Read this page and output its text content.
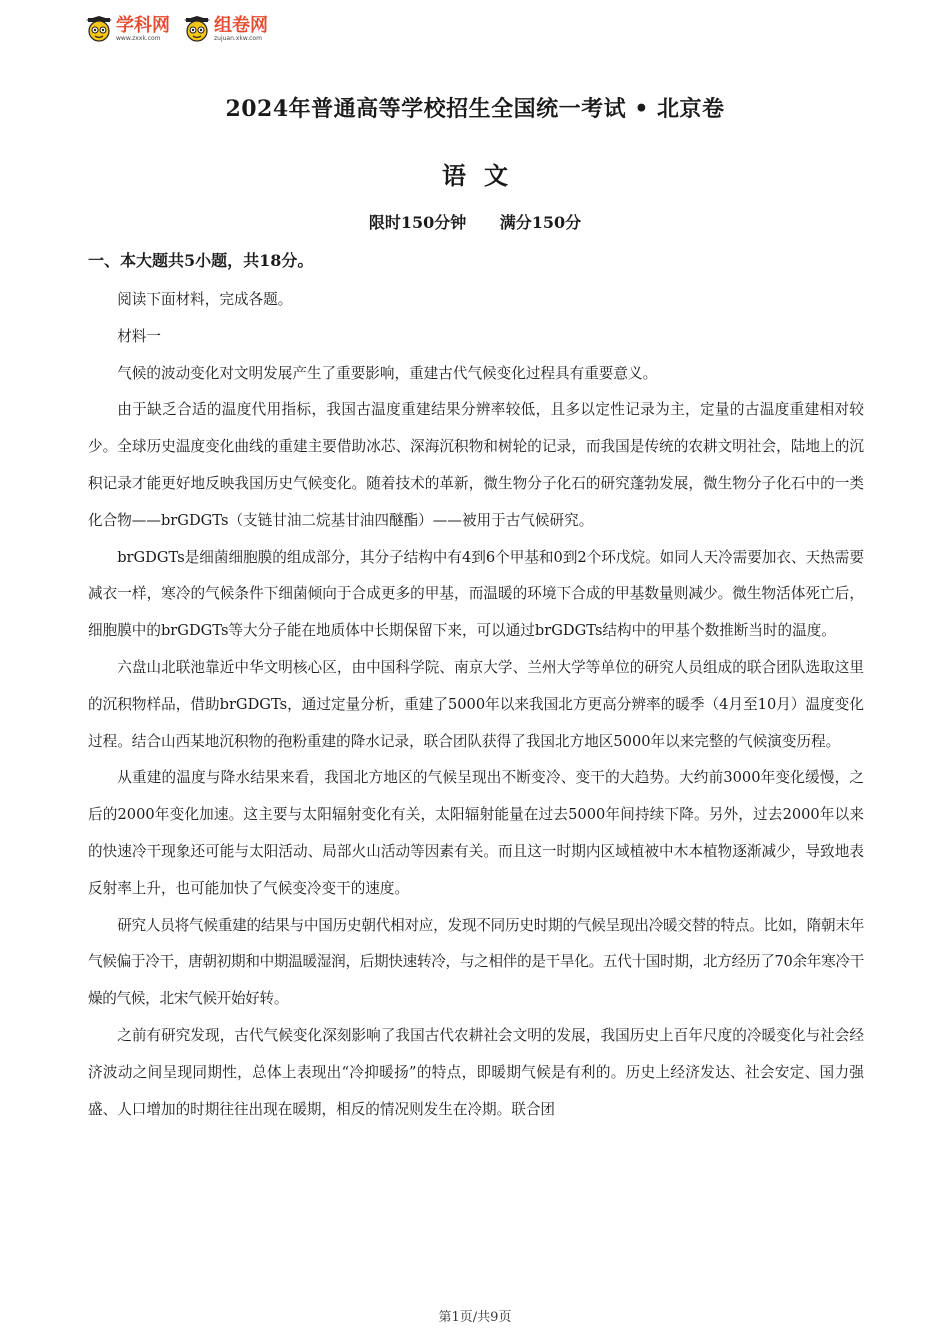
学科网
www.zxxk.com
组卷网
zujuan.xkw.com
2024年普通高等学校招生全国统一考试 • 北京卷
语文
限时150分钟      满分150分
一、本大题共5小题，共18分。

阅读下面材料，完成各题。

材料一

气候的波动变化对文明发展产生了重要影响，重建古代气候变化过程具有重要意义。

由于缺乏合适的温度代用指标，我国古温度重建结果分辨率较低，且多以定性记录为主，定量的古温度重建相对较少。全球历史温度变化曲线的重建主要借助冰芯、深海沉积物和树轮的记录，而我国是传统的农耕文明社会，陆地上的沉积记录才能更好地反映我国历史气候变化。随着技术的革新，微生物分子化石的研究蓬勃发展，微生物分子化石中的一类化合物——brGDGTs（支链甘油二烷基甘油四醚酯）——被用于古气候研究。

brGDGTs是细菌细胞膜的组成部分，其分子结构中有4到6个甲基和0到2个环戊烷。如同人天冷需要加衣、天热需要减衣一样，寒冷的气候条件下细菌倾向于合成更多的甲基，而温暖的环境下合成的甲基数量则减少。微生物活体死亡后，细胞膜中的brGDGTs等大分子能在地质体中长期保留下来，可以通过brGDGTs结构中的甲基个数推断当时的温度。

六盘山北联池靠近中华文明核心区，由中国科学院、南京大学、兰州大学等单位的研究人员组成的联合团队选取这里的沉积物样品，借助brGDGTs，通过定量分析，重建了5000年以来我国北方更高分辨率的暖季（4月至10月）温度变化过程。结合山西某地沉积物的孢粉重建的降水记录，联合团队获得了我国北方地区5000年以来完整的气候演变历程。

从重建的温度与降水结果来看，我国北方地区的气候呈现出不断变冷、变干的大趋势。大约前3000年变化缓慢，之后的2000年变化加速。这主要与太阳辐射变化有关，太阳辐射能量在过去5000年间持续下降。另外，过去2000年以来的快速冷干现象还可能与太阳活动、局部火山活动等因素有关。而且这一时期内区域植被中木本植物逐渐减少，导致地表反射率上升，也可能加快了气候变冷变干的速度。

研究人员将气候重建的结果与中国历史朝代相对应，发现不同历史时期的气候呈现出冷暖交替的特点。比如，隋朝末年气候偏于冷干，唐朝初期和中期温暖湿润，后期快速转冷，与之相伴的是干旱化。五代十国时期，北方经历了70余年寒冷干燥的气候，北宋气候开始好转。

之前有研究发现，古代气候变化深刻影响了我国古代农耕社会文明的发展，我国历史上百年尺度的冷暖变化与社会经济波动之间呈现同期性，总体上表现出“冷抑暖扬”的特点，即暖期气候是有利的。历史上经济发达、社会安定、国力强盛、人口增加的时期往往出现在暖期，相反的情况则发生在冷期。联合团

第1页/共9页
